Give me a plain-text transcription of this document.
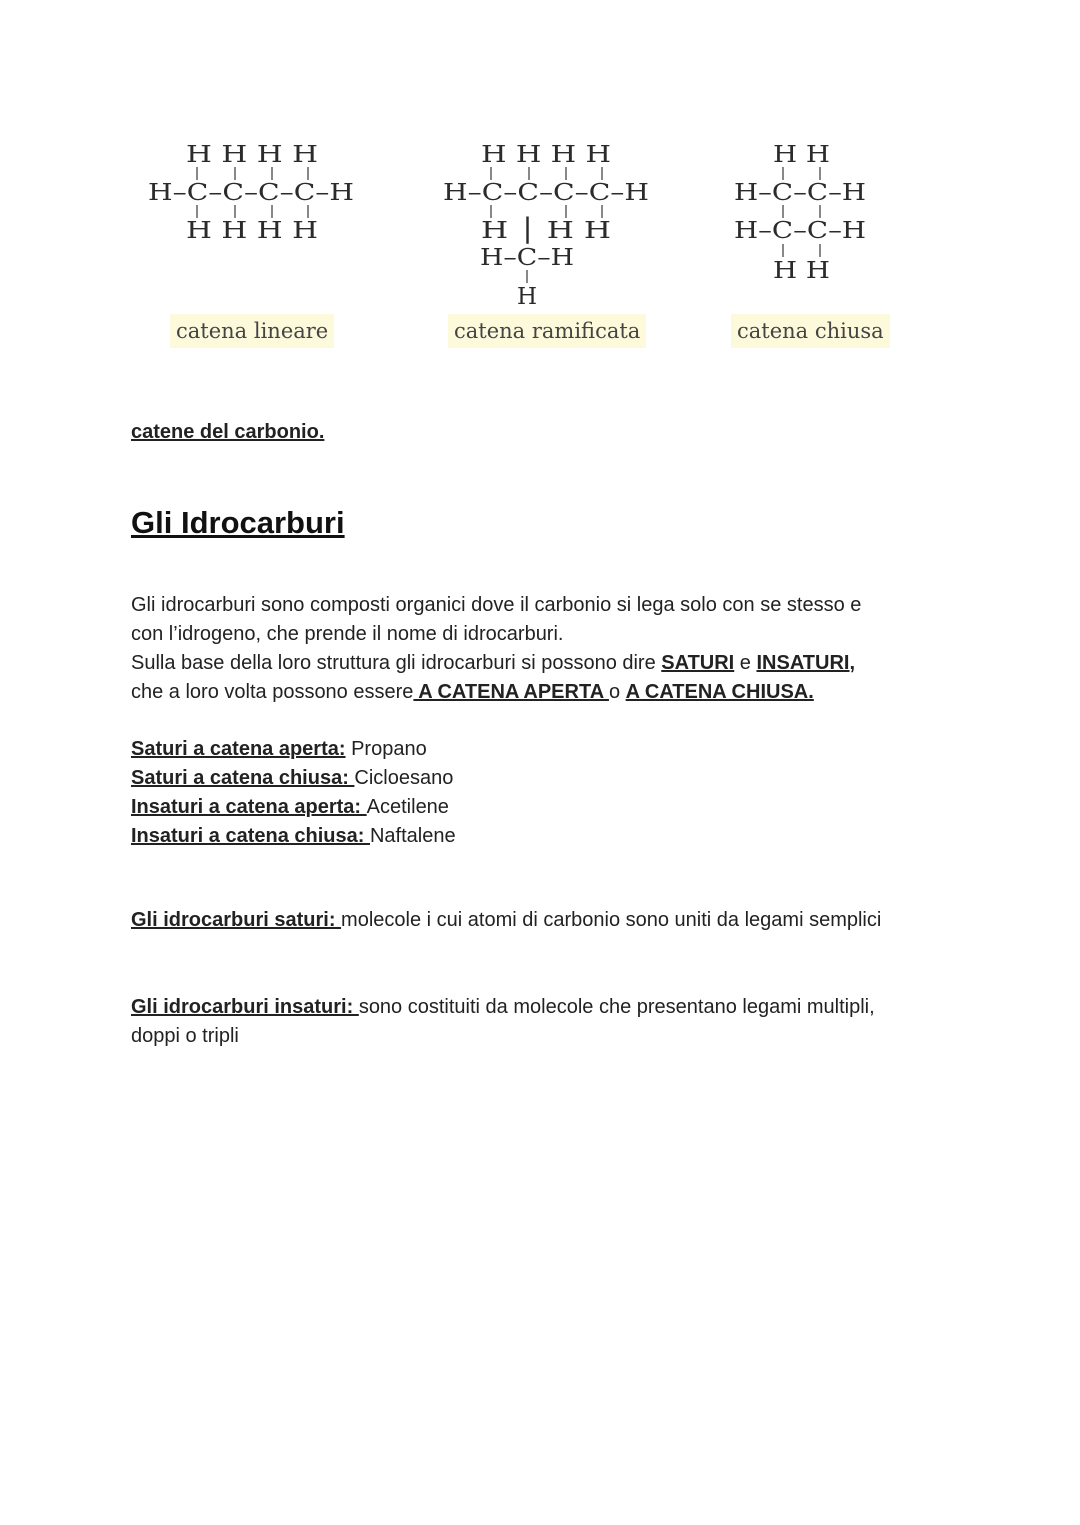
H H H H
H–C–C–C–C–H
H H H H
H H H H
H–C–C–C–C–H
H │ H H
H–C–H
H
H H
H–C–C–H
H–C–C–H
H H
catena lineare	catena ramificata	catena chiusa
catene del carbonio.
Gli Idrocarburi

Gli idrocarburi sono composti organici dove il carbonio si lega solo con se stesso e
con l’idrogeno, che prende il nome di idrocarburi.
Sulla base della loro struttura gli idrocarburi si possono dire SATURI e INSATURI,
che a loro volta possono essere A CATENA APERTA o A CATENA CHIUSA.

Saturi a catena aperta: Propano
Saturi a catena chiusa: Cicloesano
Insaturi a catena aperta: Acetilene
Insaturi a catena chiusa: Naftalene

Gli idrocarburi saturi: molecole i cui atomi di carbonio sono uniti da legami semplici

Gli idrocarburi insaturi: sono costituiti da molecole che presentano legami multipli,
doppi o tripli
